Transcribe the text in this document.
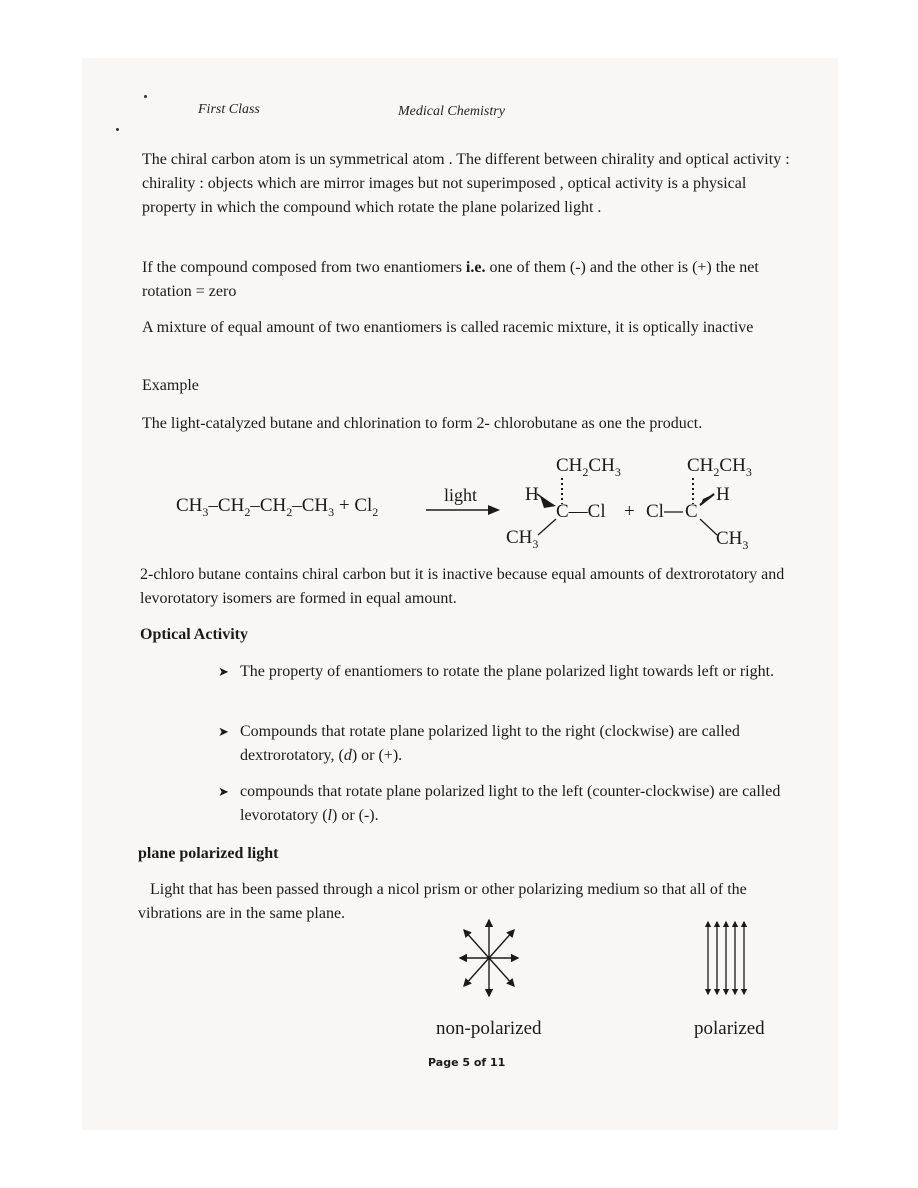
First Class	Medical Chemistry

The chiral carbon atom is un symmetrical atom . The different between chirality and optical activity : chirality : objects which are mirror images but not superimposed , optical activity is a physical property in which the compound which rotate the plane polarized light .

If the compound composed from two enantiomers i.e. one of them (-) and the other is (+) the net rotation = zero

A mixture of equal amount of two enantiomers is called racemic mixture, it is optically inactive

Example

The light-catalyzed butane and chlorination to form 2- chlorobutane as one the product.

$CH_3-CH_2-CH_2-CH_3 + Cl_2$
light
$CH_2CH_3$
H
C—Cl
$CH_3$
+
$CH_2CH_3$
Cl C
H
$CH_3$

2-chloro butane contains chiral carbon but it is inactive because equal amounts of dextrorotatory and levorotatory isomers are formed in equal amount.

Optical Activity

➤ The property of enantiomers to rotate the plane polarized light towards left or right.
➤ Compounds that rotate plane polarized light to the right (clockwise) are called dextrorotatory, (d) or (+).
➤ compounds that rotate plane polarized light to the left (counter-clockwise) are called levorotatory (l) or (-).

plane polarized light

Light that has been passed through a nicol prism or other polarizing medium so that all of the vibrations are in the same plane.

non-polarized	polarized
Page 5 of 11
